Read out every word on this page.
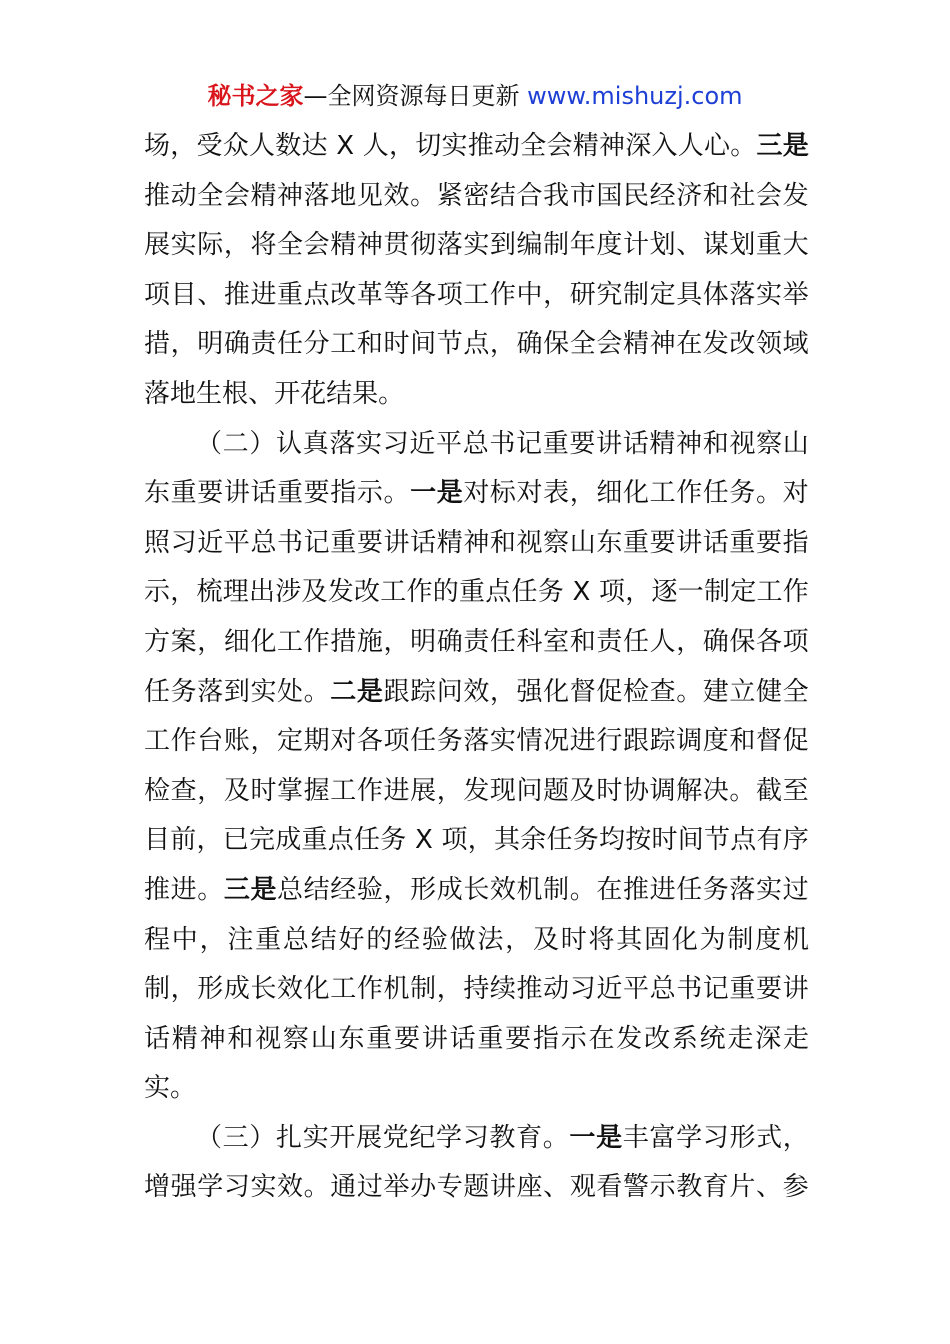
秘书之家—全网资源每日更新 www.mishuzj.com
场 ， 受 众 人 数 达
X
人 ， 切 实 推 动 全 会 精 神 深 入 人 心 。 三 是
推 动 全 会 精 神 落 地 见 效 。 紧 密 结 合 我 市 国 民 经 济 和 社 会 发
展 实 际 ， 将 全 会 精 神 贯 彻 落 实 到 编 制 年 度 计 划 、 谋 划 重 大
项 目 、 推 进 重 点 改 革 等 各 项 工 作 中 ， 研 究 制 定 具 体 落 实 举
措 ， 明 确 责 任 分 工 和 时 间 节 点 ， 确 保 全 会 精 神 在 发 改 领 域
落 地 生 根 、 开 花 结 果 。
（ 二 ） 认 真 落 实 习 近 平 总 书 记 重 要 讲 话 精 神 和 视 察 山
东 重 要 讲 话 重 要 指 示 。 一 是 对 标 对 表 ， 细 化 工 作 任 务 。 对
照 习 近 平 总 书 记 重 要 讲 话 精 神 和 视 察 山 东 重 要 讲 话 重 要 指
示 ， 梳 理 出 涉 及 发 改 工 作 的 重 点 任 务
X
项 ， 逐 一 制 定 工 作
方 案 ， 细 化 工 作 措 施 ， 明 确 责 任 科 室 和 责 任 人 ， 确 保 各 项
任 务 落 到 实 处 。 二 是 跟 踪 问 效 ， 强 化 督 促 检 查 。 建 立 健 全
工 作 台 账 ， 定 期 对 各 项 任 务 落 实 情 况 进 行 跟 踪 调 度 和 督 促
检 查 ， 及 时 掌 握 工 作 进 展 ， 发 现 问 题 及 时 协 调 解 决 。 截 至
目 前 ， 已 完 成 重 点 任 务
X
项 ， 其 余 任 务 均 按 时 间 节 点 有 序
推 进 。 三 是 总 结 经 验 ， 形 成 长 效 机 制 。 在 推 进 任 务 落 实 过
程 中 ， 注 重 总 结 好 的 经 验 做 法 ， 及 时 将 其 固 化 为 制 度 机
制 ， 形 成 长 效 化 工 作 机 制 ， 持 续 推 动 习 近 平 总 书 记 重 要 讲
话 精 神 和 视 察 山 东 重 要 讲 话 重 要 指 示 在 发 改 系 统 走 深 走
实 。
（ 三 ） 扎 实 开 展 党 纪 学 习 教 育 。 一 是 丰 富 学 习 形 式 ，
增 强 学 习 实 效 。 通 过 举 办 专 题 讲 座 、 观 看 警 示 教 育 片 、 参
